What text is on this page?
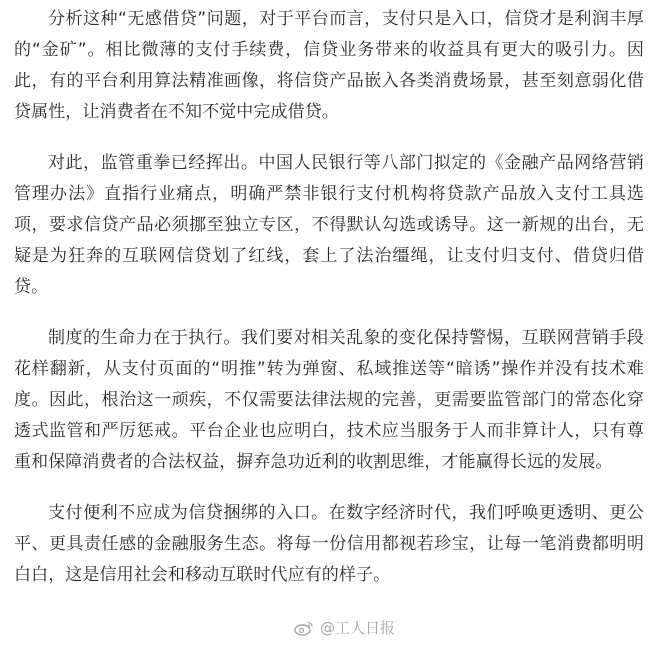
分析这种“无感借贷”问题，对于平台而言，支付只是入口，信贷才是利润丰厚的“金矿”。相比微薄的支付手续费，信贷业务带来的收益具有更大的吸引力。因此，有的平台利用算法精准画像，将信贷产品嵌入各类消费场景，甚至刻意弱化借贷属性，让消费者在不知不觉中完成借贷。

对此，监管重拳已经挥出。中国人民银行等八部门拟定的《金融产品网络营销管理办法》直指行业痛点，明确严禁非银行支付机构将贷款产品放入支付工具选项，要求信贷产品必须挪至独立专区，不得默认勾选或诱导。这一新规的出台，无疑是为狂奔的互联网信贷划了红线，套上了法治缰绳，让支付归支付、借贷归借贷。

制度的生命力在于执行。我们要对相关乱象的变化保持警惕，互联网营销手段花样翻新，从支付页面的“明推”转为弹窗、私域推送等“暗诱”操作并没有技术难度。因此，根治这一顽疾，不仅需要法律法规的完善，更需要监管部门的常态化穿透式监管和严厉惩戒。平台企业也应明白，技术应当服务于人而非算计人，只有尊重和保障消费者的合法权益，摒弃急功近利的收割思维，才能赢得长远的发展。

支付便利不应成为信贷捆绑的入口。在数字经济时代，我们呼唤更透明、更公平、更具责任感的金融服务生态。将每一份信用都视若珍宝，让每一笔消费都明明白白，这是信用社会和移动互联时代应有的样子。

@工人日报
